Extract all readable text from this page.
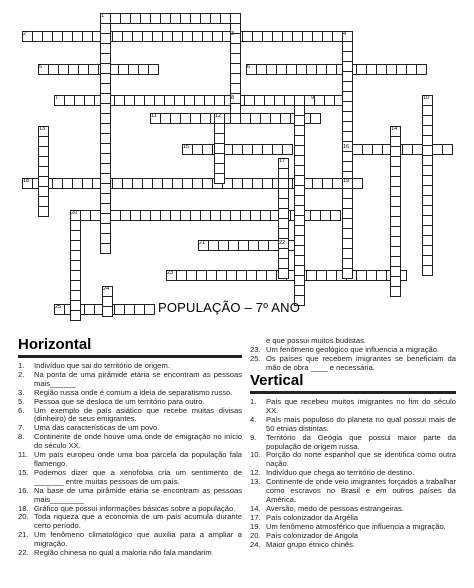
1
2	3	4
5	6
7	8	9	10
11	12
13	14
15	16
17
18	19
20
21	22
23
24
25	POPULAÇÃO – 7º ANO
Horizontal
1. Indivíduo que sai do território de origem.
2. Na ponta de uma pirâmide etária se encontram as pessoas mais______
3. Região russa onde é comum a ideia de separatismo russo.
5. Pessoa que se desloca de um território para outro.
6. Um exemplo de país asiático que recebe muitas divisas (dinheiro) de seus emigrantes.
7. Uma das características de um povo.
8. Continente de onde houve uma onde de emigração no início do século XX.
11. Um país europeu onde uma boa parcela da população fala flamengo.
15. Podemos dizer que a xenofobia cria um sentimento de _______ entre muitas pessoas de um país.
16. Na base de uma pirâmide etária se encontram as pessoas mais________
18. Gráfico que possui informações básicas sobre a população.
20. Toda riqueza que a economia de um país acumula durante certo período.
21. Um fenômeno climatológico que auxilia para a ampliar a migração.
22. Região chinesa no qual a maioria não fala mandarim
e que possui muitos budistas.
23. Um fenômeno geológico que influencia a migração.
25. Os países que recebem imigrantes se beneficiam da mão de obra ____ e necessária.
Vertical
1. País que recebeu muitos imigrantes no fim do século XX.
4. País mais populoso do planeta no qual possui mais de 50 etnias distintas.
9. Território da Geógia que possui maior parte da população de origem russa.
10. Porção do norte espanhol que se identifica como outra nação.
12. Indivíduo que chega ao território de destino.
13. Continente de onde veio imigrantes forçados a trabalhar como escravos no Brasil e em outros países da América.
14. Aversão, medo de pessoas estrangeiras.
17. País colonizador da Argélia
19. Um fenômeno atmosférico que influencia a migração.
20. País colonizador de Angola
24. Maior grupo étnico chinês.
